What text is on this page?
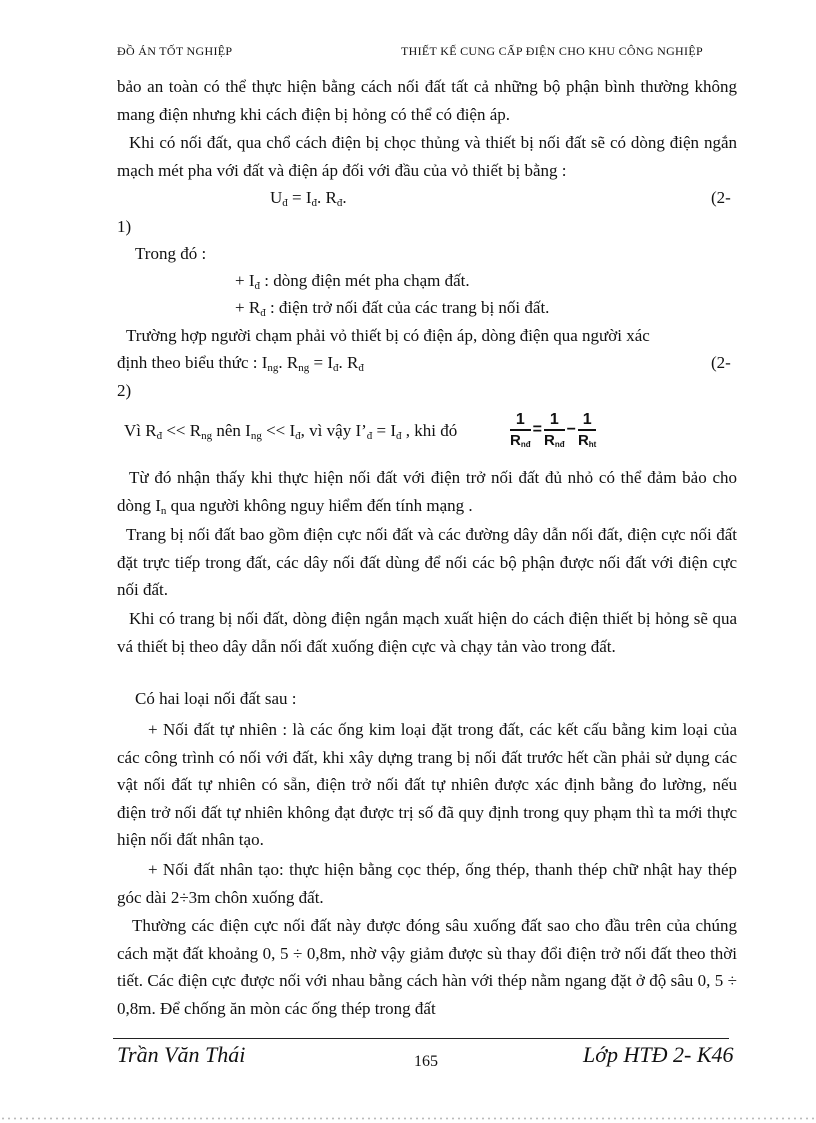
ĐỒ ÁN TỐT NGHIỆP	THIẾT KẾ CUNG CẤP ĐIỆN CHO KHU CÔNG NGHIỆP

bảo an toàn có thể thực hiện bằng cách nối đất tất cả những bộ phận bình thường không mang điện nhưng khi cách điện bị hỏng có thể có điện áp.

Khi có nối đất, qua chổ cách điện bị chọc thủng và thiết bị nối đất sẽ có dòng điện ngắn mạch mét pha với đất và điện áp đối với đầu của vỏ thiết bị bằng :

$U_đ = I_đ$. $R_đ$.	(2-
1)
Trong đó :
+ $I_đ$ : dòng điện mét pha chạm đất.
+ $R_đ$ : điện trở nối đất của các trang bị nối đất.
Trường hợp người chạm phải vỏ thiết bị có điện áp, dòng điện qua người xác
định theo biểu thức : $I_{ng}$. $R_{ng} = I_đ$. $R_đ$	(2-
2)
Vì $R_đ << R_{ng}$ nên $I_{ng} << I_đ$, vì vậy $I’_đ = I_đ$ , khi đó	$\frac{1}{R_{nđ}} = \frac{1}{R_{nđ}} - \frac{1}{R_{ht}}$

Từ đó nhận thấy khi thực hiện nối đất với điện trở nối đất đủ nhỏ có thể đảm bảo cho dòng $I_n$ qua người không nguy hiểm đến tính mạng .

Trang bị nối đất bao gồm điện cực nối đất và các đường dây dẫn nối đất, điện cực nối đất đặt trực tiếp trong đất, các dây nối đất dùng để nối các bộ phận được nối đất với điện cực nối đất.

Khi có trang bị nối đất, dòng điện ngắn mạch xuất hiện do cách điện thiết bị hỏng sẽ qua vá thiết bị theo dây dẫn nối đất xuống điện cực và chạy tản vào trong đất.

Có hai loại nối đất sau :

+ Nối đất tự nhiên : là các ống kim loại đặt trong đất, các kết cấu bằng kim loại của các công trình có nối với đất, khi xây dựng trang bị nối đất trước hết cần phải sử dụng các vật nối đất tự nhiên có sẵn, điện trở nối đất tự nhiên được xác định bằng đo lường, nếu điện trở nối đất tự nhiên không đạt được trị số đã quy định trong quy phạm thì ta mới thực hiện nối đất nhân tạo.

+ Nối đất nhân tạo: thực hiện bằng cọc thép, ống thép, thanh thép chữ nhật hay thép góc dài 2÷3m chôn xuống đất.

Thường các điện cực nối đất này được đóng sâu xuống đất sao cho đầu trên của chúng cách mặt đất khoảng 0, 5 ÷ 0,8m, nhờ vậy giảm được sù thay đổi điện trở nối đất theo thời tiết. Các điện cực được nối với nhau bằng cách hàn với thép nằm ngang đặt ở độ sâu 0, 5 ÷ 0,8m. Để chống ăn mòn các ống thép trong đất

Trần Văn Thái	165	Lớp HTĐ 2- K46
